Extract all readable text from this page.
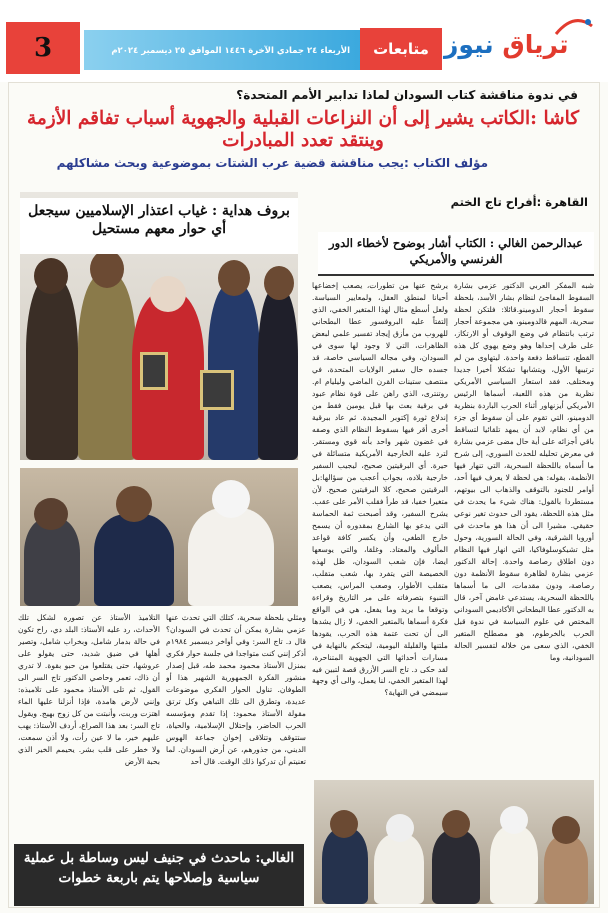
3	الأربعاء ٢٤ جمادي الآخرة ١٤٤٦ الموافق ٢٥ ديسمبر ٢٠٢٤م	متابعات	ترياق نيوز
في ندوة مناقشة كتاب السودان لماذا تدابير الأمم المتحدة؟
كاشا :الكاتب يشير إلى أن النزاعات القبلية والجهوية أسباب تفاقم الأزمة وينتقد تعدد المبادرات
مؤلف الكتاب :يجب مناقشة قضية عرب الشتات بموضوعية وبحث مشاكلهم
القاهرة :أفراح تاج الختم
بروف هداية : غياب اعتذار الإسلاميين سيجعل أي حوار معهم مستحيل
عبدالرحمن الغالي : الكتاب أشار بوضوح لأخطاء الدور الفرنسي والأمريكي
شبه المفكر العربي الدكتور عزمي بشارة السقوط المفاجئ لنظام بشار الأسد، بلحظة سقوط أحجار الدومينو.قائلا: فلتكن لحظة سحرية، المهم قالدومينو، هي مجموعة أحجار ترتب بانتظام في وضع الوقوف أو الارتكاز، على طرف إحداها وهو وضع يهوي كل هذه القطع، تتساقط دفعة واحدة. ليتهاوى من لم ترتيبها الأول، ويتشابها تشكلا أخيرا جديدا ومختلف. فقد استعار السياسي الأمريكي نظرية من هذه اللعبة، أسماها الرئيس الأمريكي أيزنهاور أثناء الحرب الباردة بنظرية الدومينو، التي تقوم على أن سقوط أي جزء من أي نظام، لابد أن يمهد تلقائيا لتساقط باقي أجزائه على أية حال مضى عزمي بشارة في معرض تحليله للحدث السوري، إلى شرح ما أسماه باللحظة السحرية، التي تنهار فيها الأنظمة، بقوله: هي لحظة لا يعرف فيها أحد، أوامر للجنود بالتوقف والذهاب الى بيوتهم، مستطردا بالقول: هناك شيء ما يحدث في مثل هذه اللحظة، يقود الى حدوث تغير نوعي حقيقي. مشيرا الى أن هذا هو ماحدث في أوروبا الشرقية، وفي الحالة السورية، وحول مثل تشيكوسلوفاكيا، التي انهار فيها النظام دون اطلاق رصاصة واحدة. إحالة الدكتور عزمي بشارة لظاهرة سقوط الأنظمة دون رصاصة، ودون مقدمات، الى ما أسماها باللحظة السحرية، يستدعي غامض آخر، قال به الدكتور عطا البطحاني الأكاديمي السوداني المختص في علوم السياسة في ندوة قبل الحرب بالخرطوم، هو مصطلح المتغير الخفي، الذي سعى من خلاله لتفسير الحالة السودانية، وما
يرشح عنها من تطورات، يصعب إخضاعها أحيانا لمنطق العقل، ولمعايير السياسة. ولعل أسطع مثال لهذا المتغير الخفي، الذي إلتفتاً عليه البروفسور عطا البطحاني للهروب من مأزق إيجاد تفسير علمي لبعض الظاهرات، التي لا وجود لها سوى في السودان، وفي مجاله السياسي خاصة، قد جسده حال سفير الولايات المتحدة، في منتصف ستينات القرن الماضي وليليام ام. روتنترى، الذي راهن على قوة نظام عبود في برقية بعث بها قبل يومين فقط من إندلاع ثورة إكتوبر المجيدة. ثم عاد ببرقية أخرى أقر فيها بسقوط النظام الذي وصفه في غضون شهر واحد بأنه قوي ومستقر. لترد عليه الخارجية الأمريكية متسائلة في حيرة. أي البرقيتين صحيح، ليجيب السفير خارجية بلاده، بجواب أعجب من سؤالها:بل البرقيتين صحيح، كلا البرقيتين صحيح. لأن متغيرا خفيا، قد طرأ فقلب الأمر على عقب. يشرح السفير، وقد أصبحت ثمة الحماسة التي يدعو بها الشارع بمقدوره أن يسمح خارج الطغي، وأن يكسر كافة قواعد المألوف والمعتاد. وغلقا، والتي يوسعها ايضا، فإن شعب السودان، ظل لهذه الخصيصة التي يتفرد بها، شعب متقلب، متقلب الأطوار، وصعب المراس، يصعب التنبوء بتصرفاته على مر التاريخ وقراءة وتوقعا ما يريد وما يفعل، هي في الواقع فكرة أسماها بالمتغير الخفي، لا زال يشدها الى أن تحت عتمة هذه الحرب، يقودها ملتنها والقليلة اليومية، ليتحكم بالنهاية في مسارات أحداثها التي الجهوية المتناحرة، لقد حكى د. تاج السر الأزرق قصة لتبين فيه لهذا المتغير الخفي، لنا يعمل، والى أي وجهة سيمضي في النهاية؟
ومثلي بلحظة سحرية، كتلك التي تحدث عنها عزمي بشارة يمكن أن تحدث في السودان؟ قال د. تاج السر: وفي أواخر ديسمبر ١٩٨٤م أذكر إنني كنت متواجدا في جلسة حوار فكري بمنزل الأستاذ محمود محمد طه، قبل إصدار منشور الفكرة الجمهورية الشهير هذا أو الطوفان. تناول الحوار الفكري موضوعات عديدة، وتطرق الى تلك التباهي وكل ترتق مقولة الأستاذ محمود: إذا تقدم ومؤسسه الحرب الحاضر، وإحتلال الإسلامية، والحياة، ستتوقف وتتلاقى إخوان جماعة الهوس الديني، من جذورهم، عن أرض السودان. لما تعنيتم أن تدركوا ذلك الوقت. قال أحد
التلاميذ الأستاذ عن تصوره لشكل تلك الأحداث، رد عليه الأستاذ: البلد دي، راح تكون في حالة بدمار شامل، وبخراب شامل، وتصير أهلها في ضيق شديد، حتى يقولو على عروشها، حتى يقتلعوا من حبو بقوة. لا تدري أن ذاك، تعمر وحاصي الدكتور تاج السر الى القول، ثم تلى الأستاذ محمود على تلاميذه: وإنني لأرض هامدة، فإذا أنزلنا عليها الماء اهتزت وربت، وأنبتت من كل زوج بهيج. ويقول تاج السر: بعد هذا الصراع، أردف الأستاذ: يهب عليهم خير، ما لا عين رأت، ولا أذن سمعت، ولا خطر على قلب بشر. يحيمم الخير الذي بحبة الأرض
الغالي: ماحدث في جنيف ليس وساطة بل عملية سياسية وإصلاحها يتم باربعة خطوات
